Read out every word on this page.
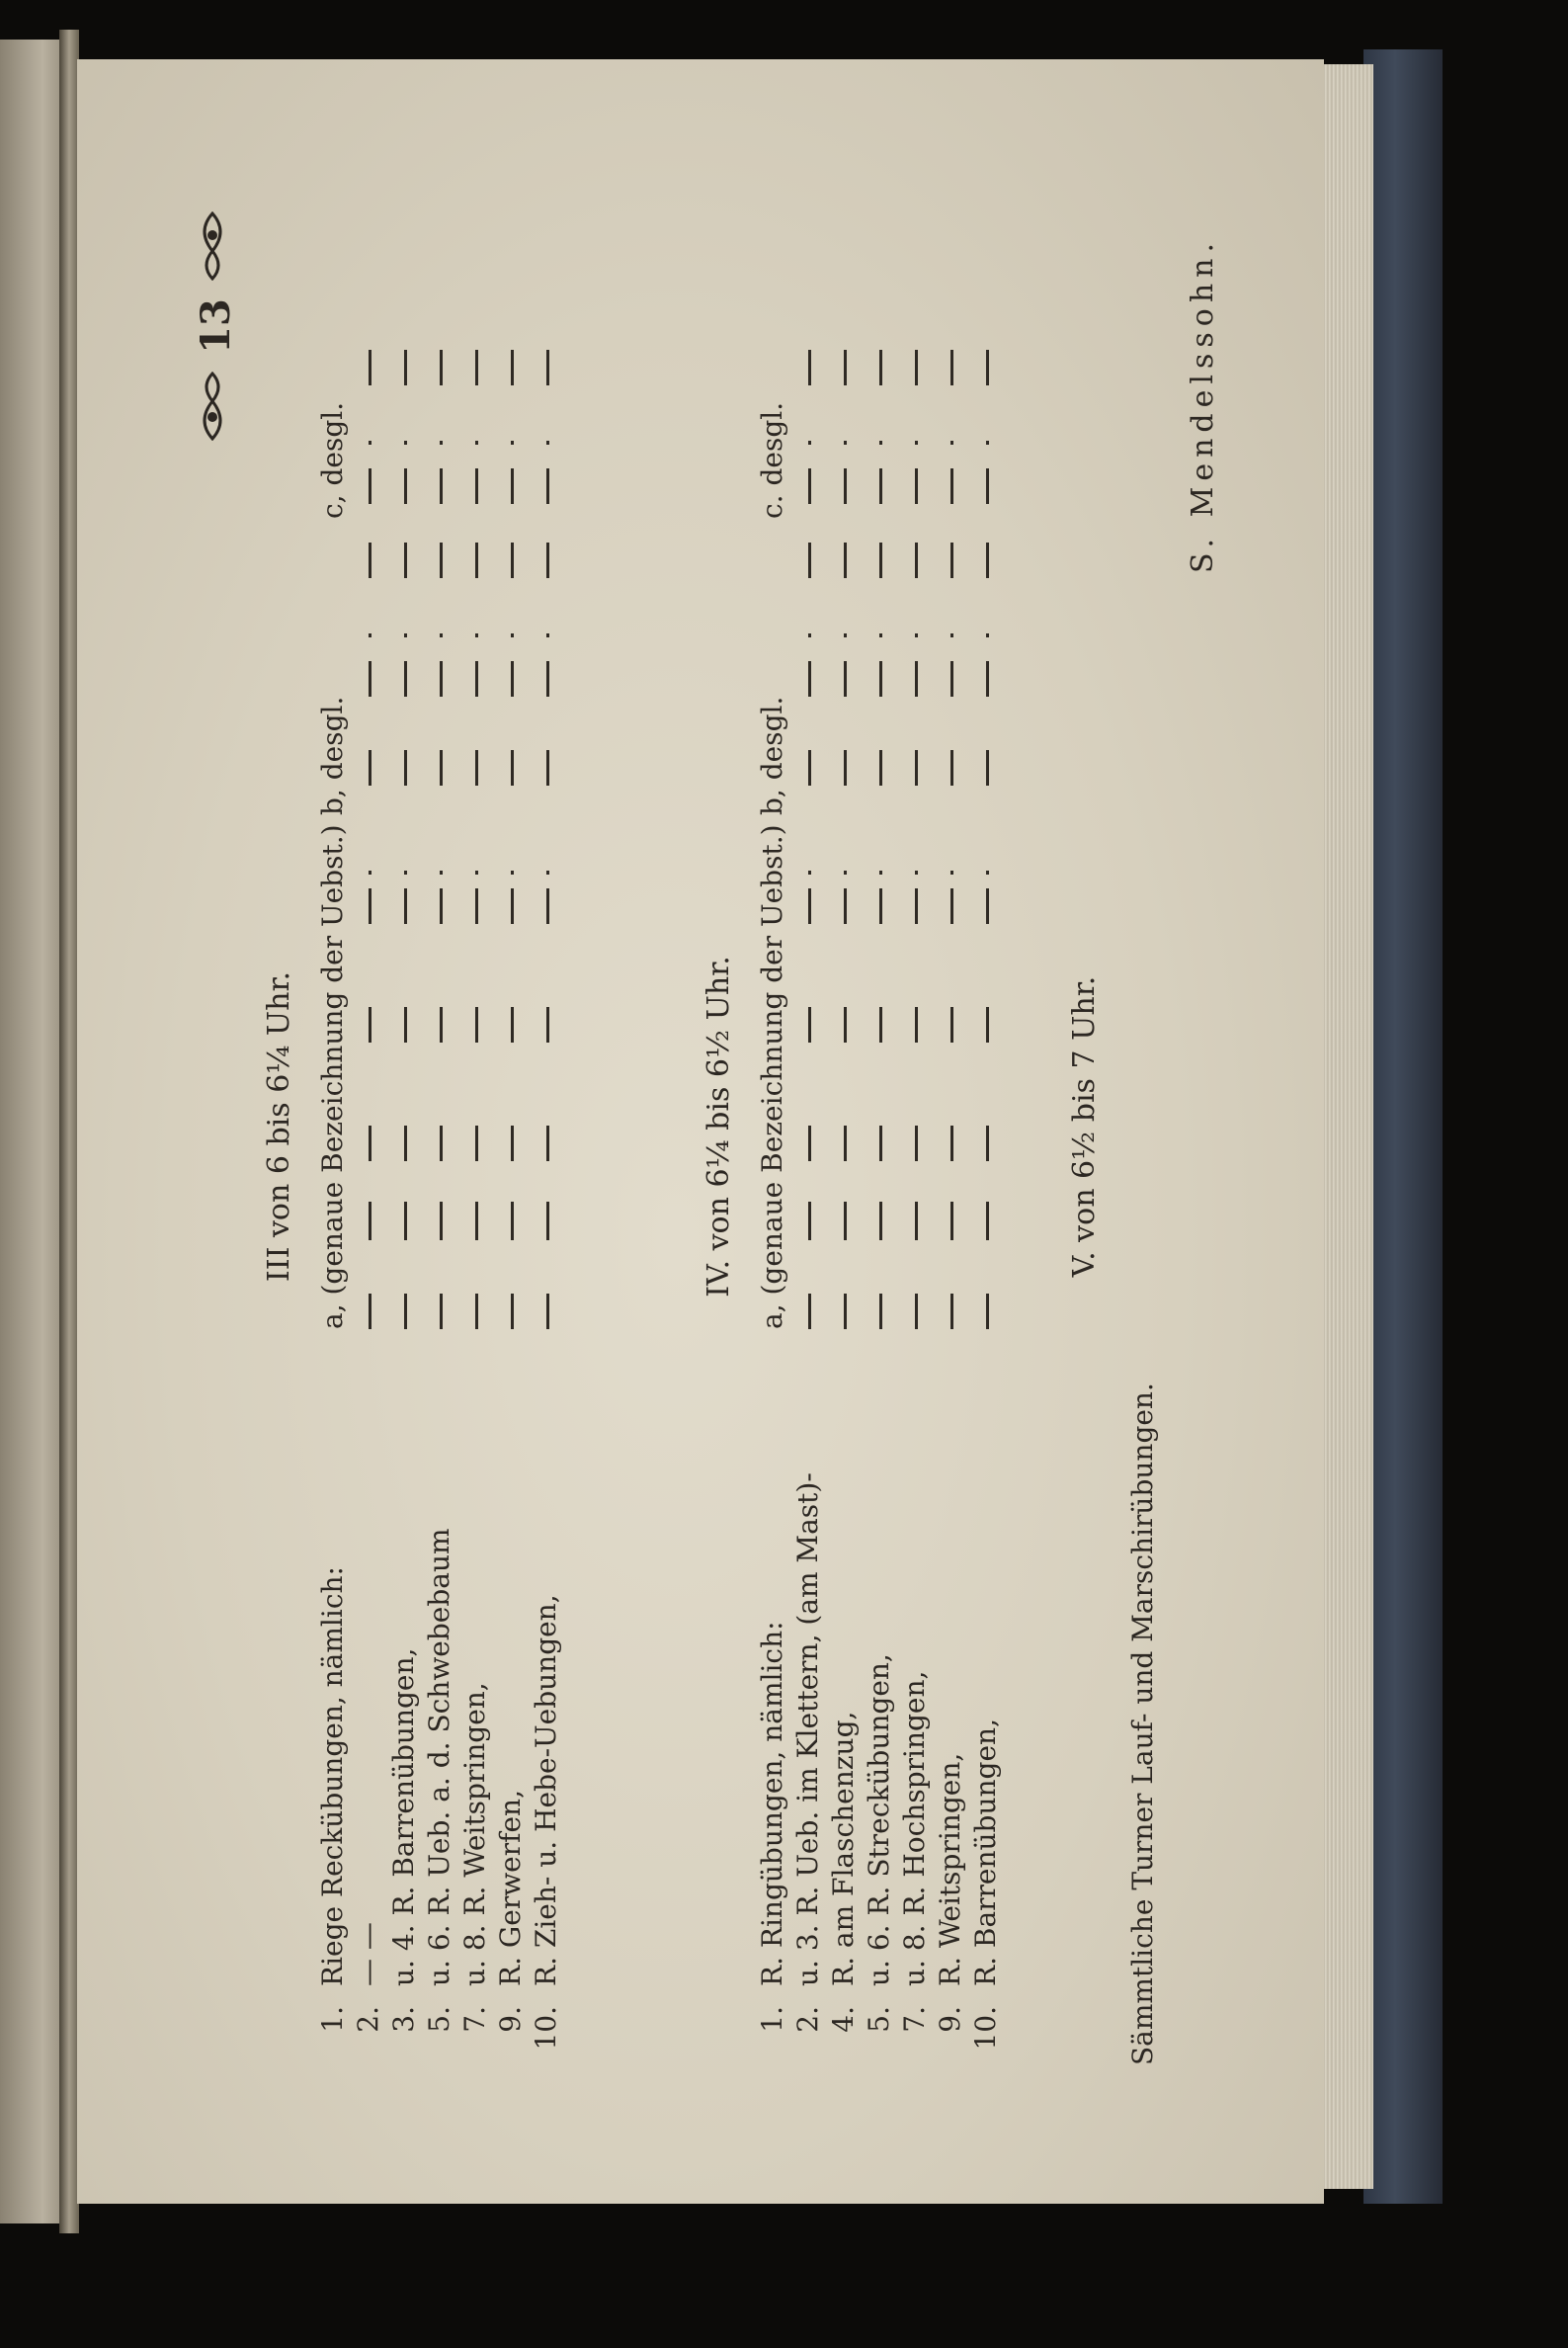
13
III von 6 bis 6¼ Uhr.
1.
Riege Reckübungen, nämlich:
a, (genaue Bezeichnung der Uebst.)
b, desgl.
c, desgl.
2.
— —
3.
u. 4. R. Barrenübungen,
5.
u. 6. R. Ueb. a. d. Schwebebaum
7.
u. 8. R. Weitspringen,
9.
R. Gerwerfen,
10.
R. Zieh- u. Hebe-Uebungen,
IV. von 6¼ bis 6½ Uhr.
1.
R. Ringübungen, nämlich:
a, (genaue Bezeichnung der Uebst.)
b, desgl.
c. desgl.
2.
u. 3. R. Ueb. im Klettern, (am Mast)-
4.
R. am Flaschenzug,
5.
u. 6. R. Streckübungen,
7.
u. 8. R. Hochspringen,
9.
R. Weitspringen,
10.
R. Barrenübungen,
V. von 6½ bis 7 Uhr.
Sämmtliche Turner Lauf- und Marschirübungen.
S. Mendelssohn.
